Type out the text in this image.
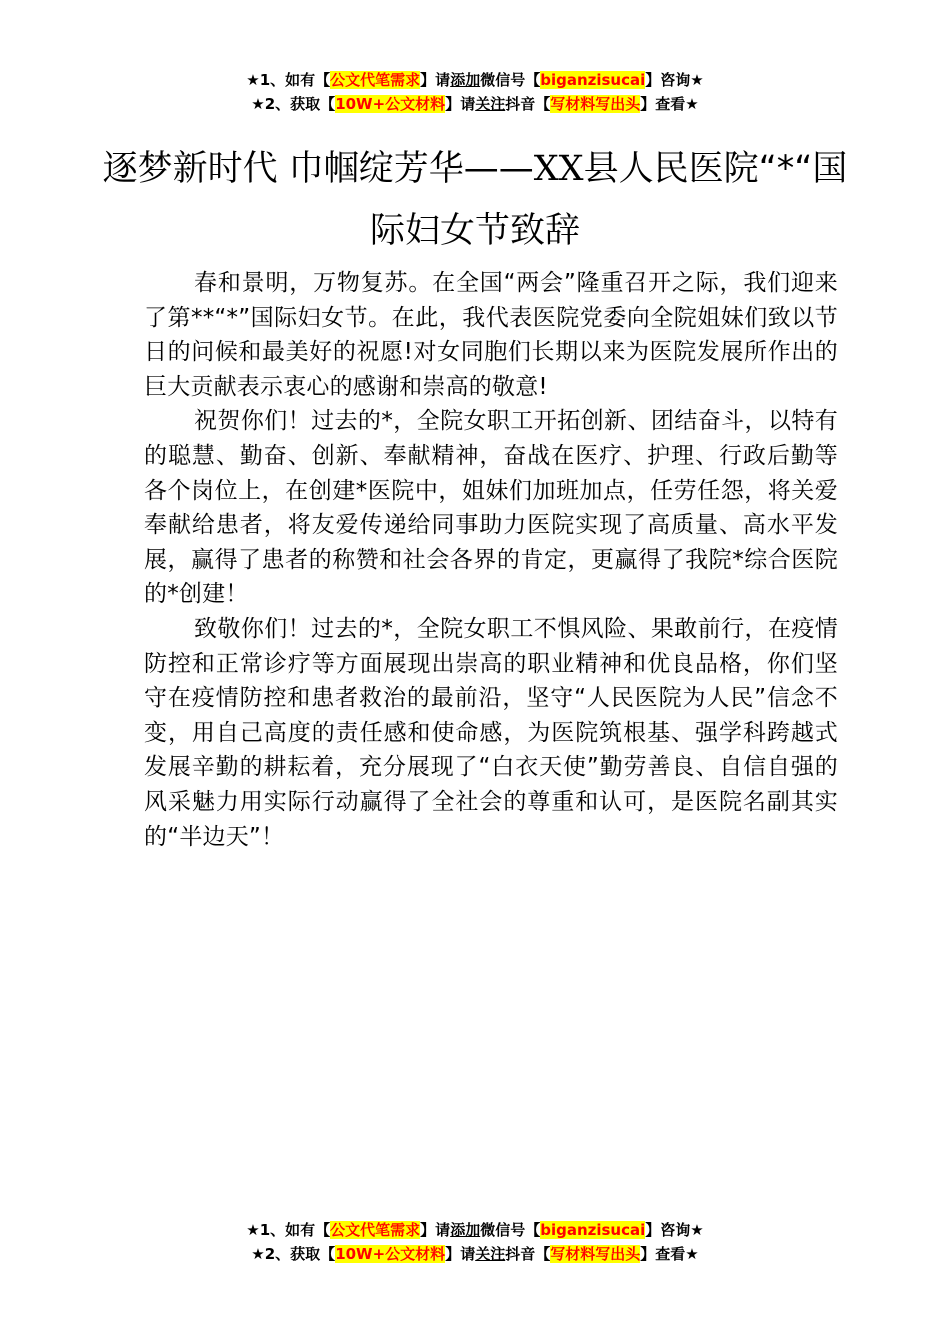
★1、如有【公文代笔需求】请添加微信号【biganzisucai】咨询★
★2、获取【10W+公文材料】请关注抖音【写材料写出头】查看★
逐梦新时代 巾帼绽芳华——XX县人民医院“*“国际妇女节致辞

春和景明，万物复苏。在全国“两会”隆重召开之际，我们迎来了第**“*”国际妇女节。在此，我代表医院党委向全院姐妹们致以节日的问候和最美好的祝愿!对女同胞们长期以来为医院发展所作出的巨大贡献表示衷心的感谢和崇高的敬意!

祝贺你们！过去的*，全院女职工开拓创新、团结奋斗，以特有的聪慧、勤奋、创新、奉献精神，奋战在医疗、护理、行政后勤等各个岗位上，在创建*医院中，姐妹们加班加点，任劳任怨，将关爱奉献给患者，将友爱传递给同事助力医院实现了高质量、高水平发展，赢得了患者的称赞和社会各界的肯定，更赢得了我院*综合医院的*创建！

致敬你们！过去的*，全院女职工不惧风险、果敢前行，在疫情防控和正常诊疗等方面展现出崇高的职业精神和优良品格，你们坚守在疫情防控和患者救治的最前沿，坚守“人民医院为人民”信念不变，用自己高度的责任感和使命感，为医院筑根基、强学科跨越式发展辛勤的耕耘着，充分展现了“白衣天使”勤劳善良、自信自强的风采魅力用实际行动赢得了全社会的尊重和认可，是医院名副其实的“半边天”！

★1、如有【公文代笔需求】请添加微信号【biganzisucai】咨询★
★2、获取【10W+公文材料】请关注抖音【写材料写出头】查看★
